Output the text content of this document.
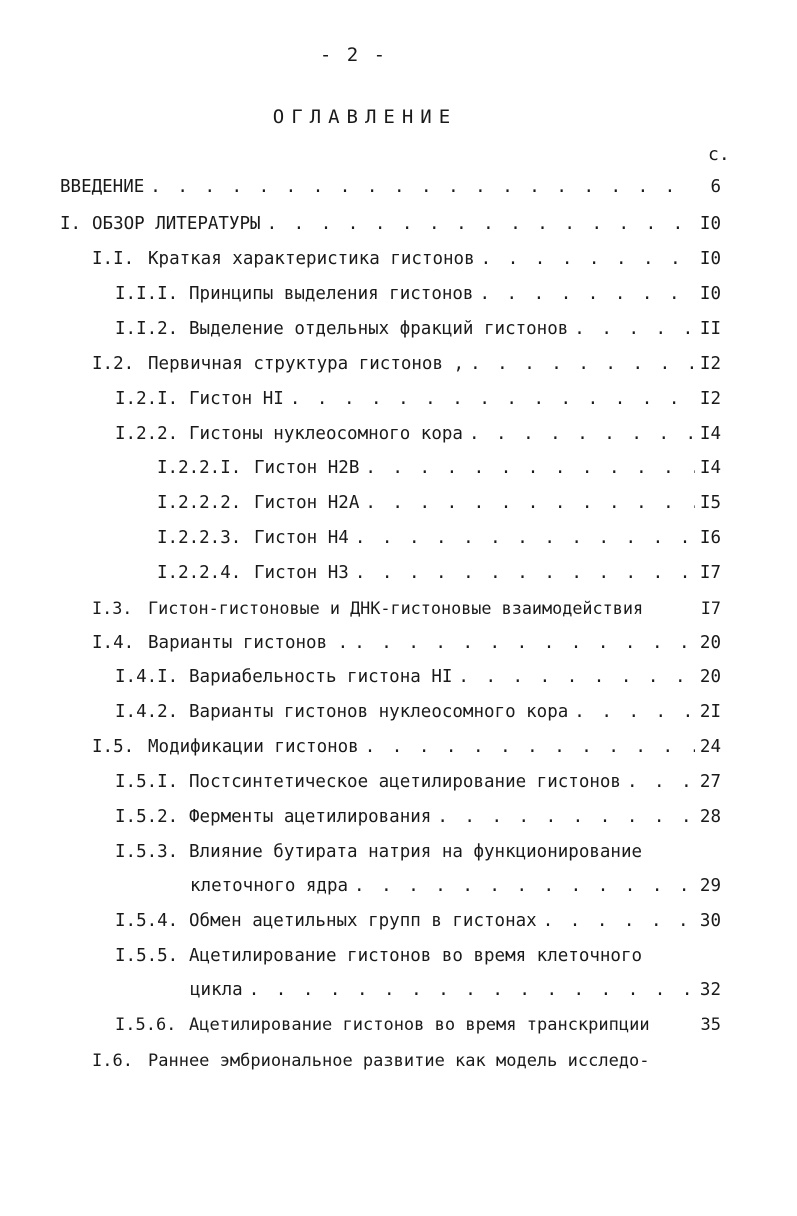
- 2 -
ОГЛАВЛЕНИЕ
с.
ВВЕДЕНИЕ . . .	6
I. ОБЗОР ЛИТЕРАТУРЫ . . .	I0
I.I. Краткая характеристика гистонов . . .	I0
I.I.I. Принципы выделения гистонов . . .	I0
I.I.2. Выделение отдельных фракций гистонов . . .	II
I.2. Первичная структура гистонов , . . .	I2
I.2.I. Гистон HI . . .	I2
I.2.2. Гистоны нуклеосомного кора . . .	I4
I.2.2.I. Гистон Н2В . . .	I4
I.2.2.2. Гистон Н2А . . .	I5
I.2.2.3. Гистон Н4 . . .	I6
I.2.2.4. Гистон НЗ . . .	I7
I.3. Гистон-гистоновые и ДНК-гистоновые взаимодействия	I7
I.4. Варианты гистонов . . . .	20
I.4.I. Вариабельность гистона HI . . .	20
I.4.2. Варианты гистонов нуклеосомного кора . . .	2I
I.5. Модификации гистонов . . .	24
I.5.I. Постсинтетическое ацетилирование гистонов . . .	27
I.5.2. Ферменты ацетилирования . . .	28
I.5.3. Влияние бутирата натрия на функционирование
клеточного ядра . . .	29
I.5.4. Обмен ацетильных групп в гистонах . . .	30
I.5.5. Ацетилирование гистонов во время клеточного
цикла . . .	32
I.5.6. Ацетилирование гистонов во время транскрипции	35
I.6. Раннее эмбриональное развитие как модель исследо-
